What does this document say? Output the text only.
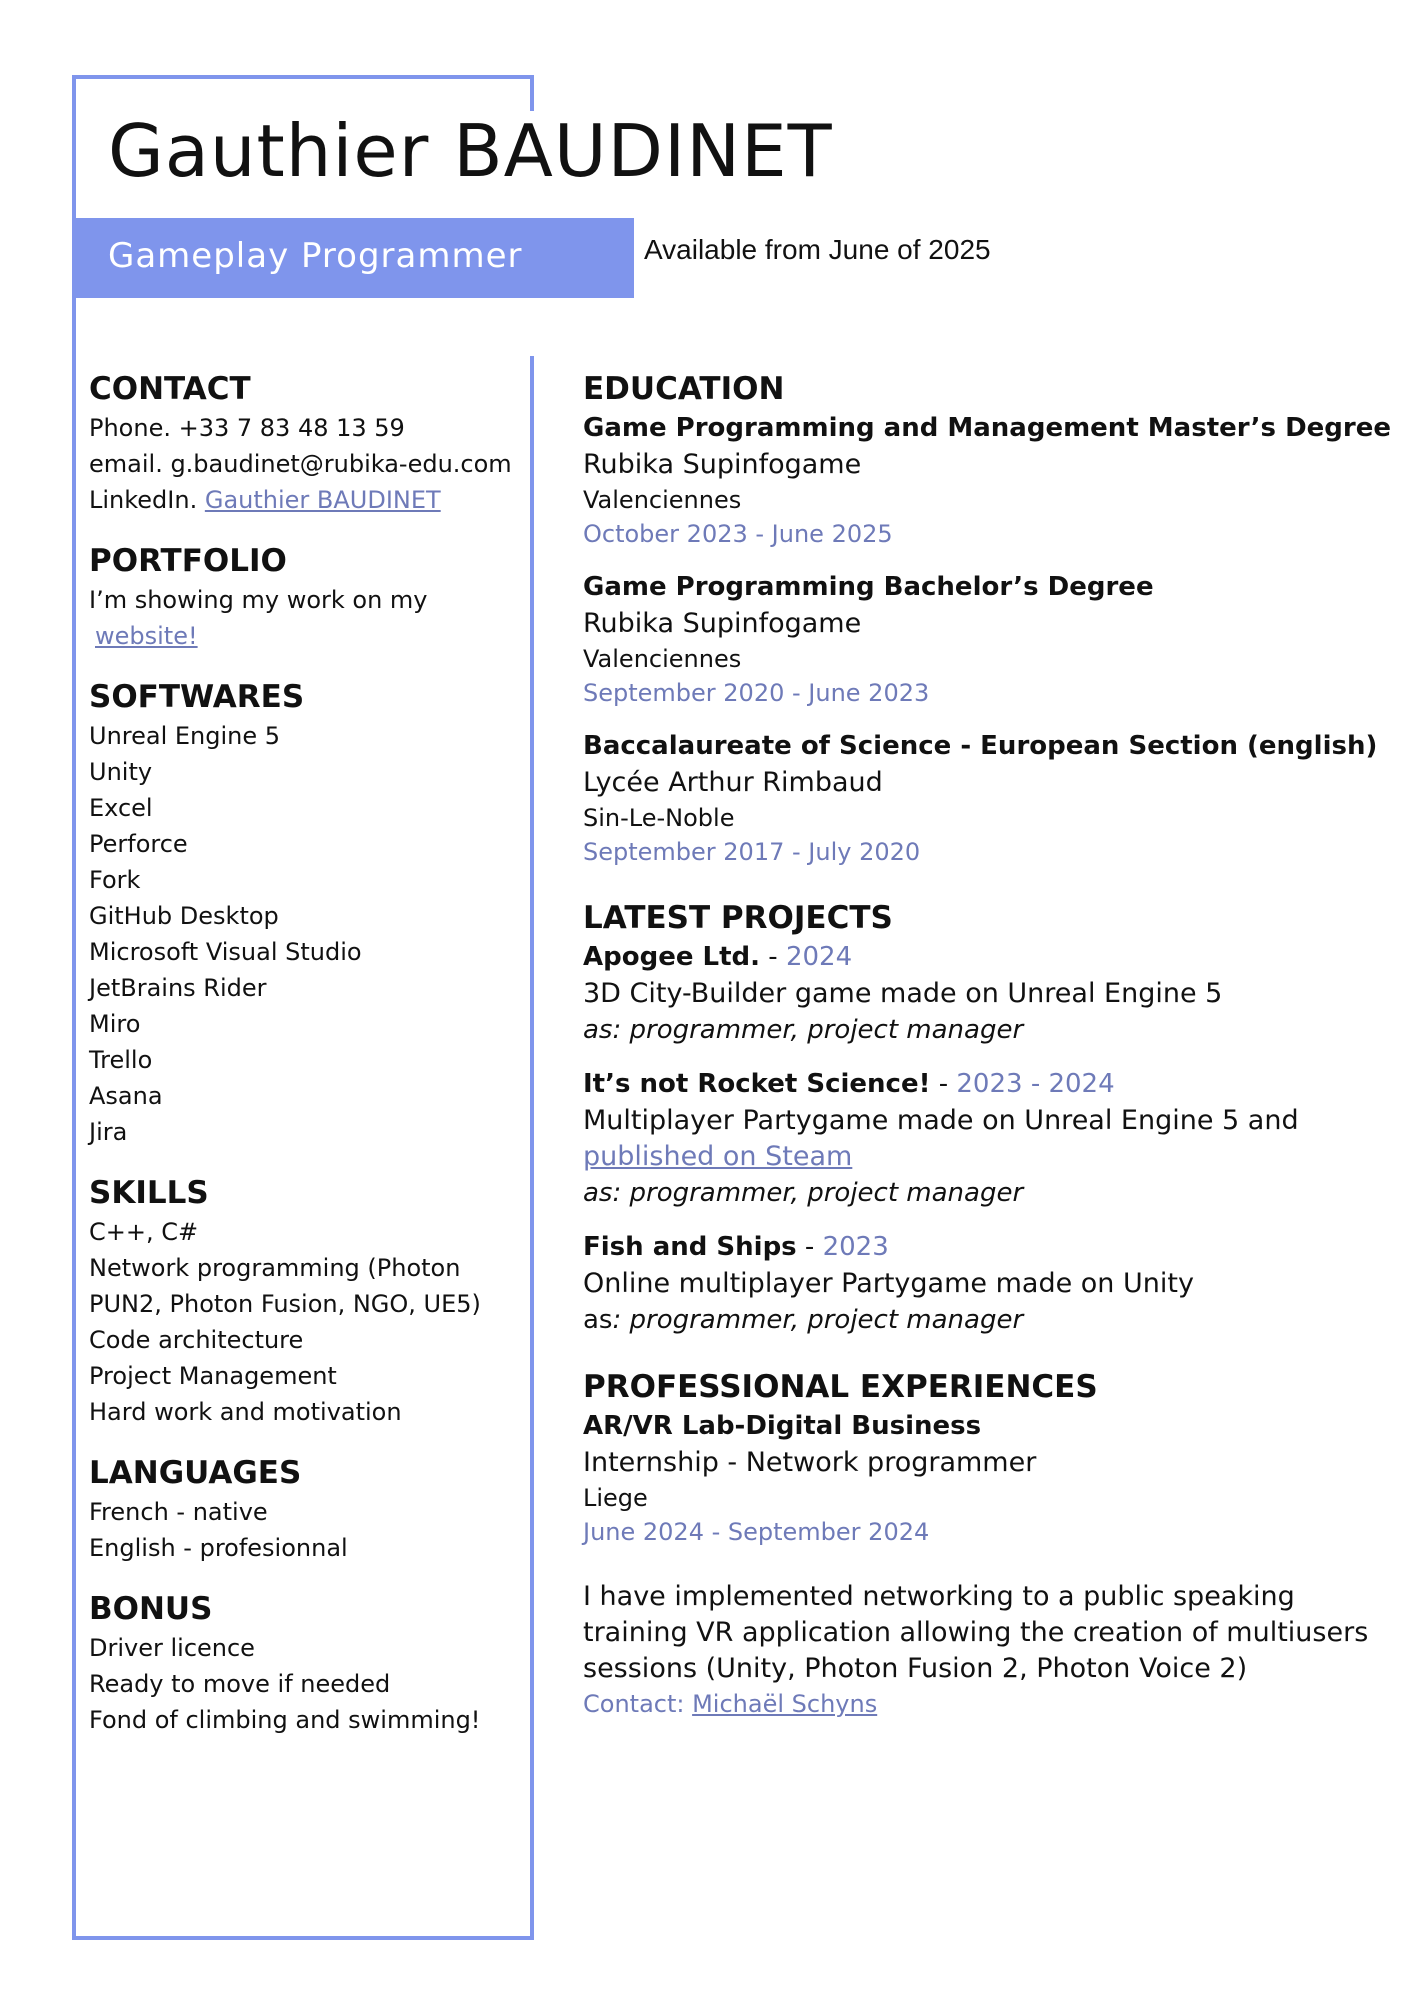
Gauthier BAUDINET
Gameplay Programmer	Available from June of 2025
CONTACT
Phone. +33 7 83 48 13 59
email. g.baudinet@rubika-edu.com
LinkedIn. Gauthier BAUDINET
PORTFOLIO
I’m showing my work on my
website!
SOFTWARES
Unreal Engine 5
Unity
Excel
Perforce
Fork
GitHub Desktop
Microsoft Visual Studio
JetBrains Rider
Miro
Trello
Asana
Jira
SKILLS
C++, C#
Network programming (Photon
PUN2, Photon Fusion, NGO, UE5)
Code architecture
Project Management
Hard work and motivation
LANGUAGES
French - native
English - profesionnal
BONUS
Driver licence
Ready to move if needed
Fond of climbing and swimming!
EDUCATION
Game Programming and Management Master’s Degree
Rubika Supinfogame
Valenciennes
October 2023 - June 2025
Game Programming Bachelor’s Degree
Rubika Supinfogame
Valenciennes
September 2020 - June 2023
Baccalaureate of Science - European Section (english)
Lycée Arthur Rimbaud
Sin-Le-Noble
September 2017 - July 2020
LATEST PROJECTS
Apogee Ltd. - 2024
3D City-Builder game made on Unreal Engine 5
as: programmer, project manager
It’s not Rocket Science! - 2023 - 2024
Multiplayer Partygame made on Unreal Engine 5 and
published on Steam
as: programmer, project manager
Fish and Ships - 2023
Online multiplayer Partygame made on Unity
as: programmer, project manager
PROFESSIONAL EXPERIENCES
AR/VR Lab-Digital Business
Internship - Network programmer
Liege
June 2024 - September 2024
I have implemented networking to a public speaking
training VR application allowing the creation of multiusers
sessions (Unity, Photon Fusion 2, Photon Voice 2)
Contact: Michaël Schyns
